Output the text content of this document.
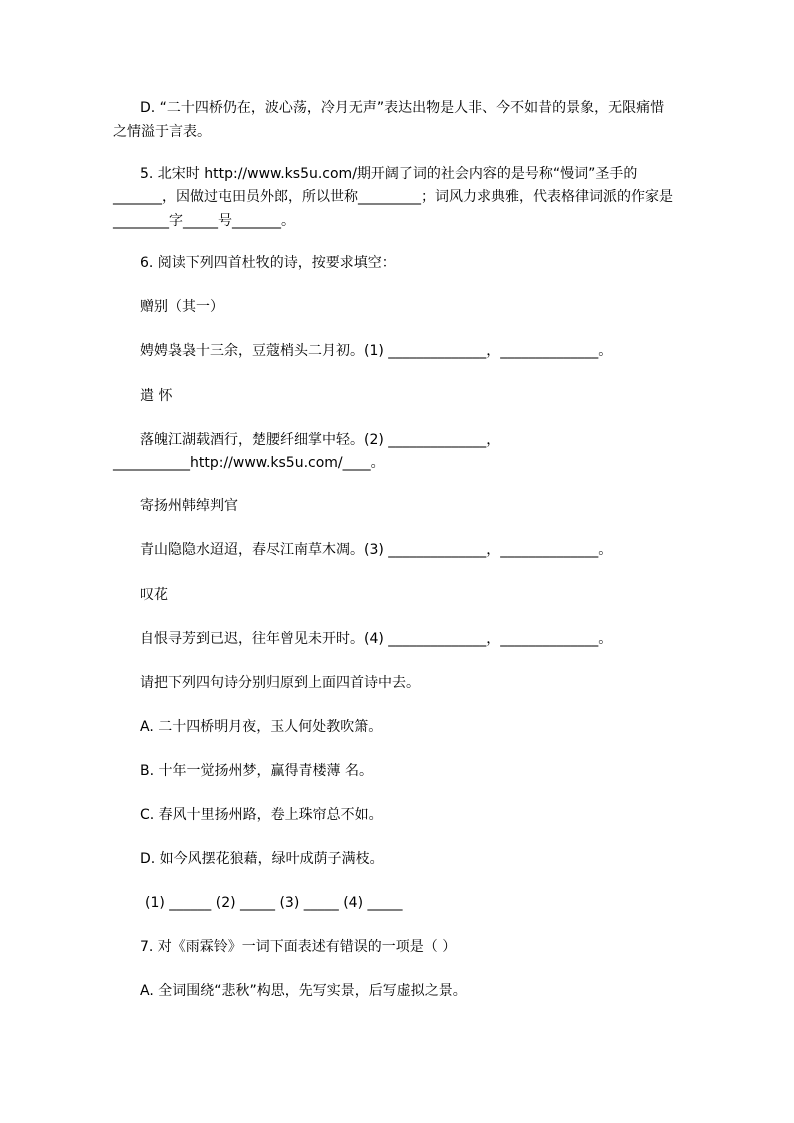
D. “二十四桥仍在，波心荡，冷月无声”表达出物是人非、今不如昔的景象，无限痛惜
之情溢于言表。
5. 北宋时 http://www.ks5u.com/期开阔了词的社会内容的是号称“慢词”圣手的
_______，因做过屯田员外郎，所以世称_________；词风力求典雅，代表格律词派的作家是
________字_____号_______。
6. 阅读下列四首杜牧的诗，按要求填空：
赠别（其一）
娉娉袅袅十三余，豆蔻梢头二月初。(1) ______________，______________。
遣 怀
落魄江湖载酒行，楚腰纤细掌中轻。(2) ______________，
___________http://www.ks5u.com/____。
寄扬州韩绰判官
青山隐隐水迢迢，春尽江南草木凋。(3) ______________，______________。
叹花
自恨寻芳到已迟，往年曾见未开时。(4) ______________，______________。
请把下列四句诗分别归原到上面四首诗中去。
A. 二十四桥明月夜，玉人何处教吹箫。
B. 十年一觉扬州梦，赢得青楼薄 名。
C. 春风十里扬州路，卷上珠帘总不如。
D. 如今风摆花狼藉，绿叶成荫子满枝。
(1) ______ (2) _____ (3) _____ (4) _____
7. 对《雨霖铃》一词下面表述有错误的一项是（ ）
A. 全词围绕“悲秋”构思，先写实景，后写虚拟之景。
